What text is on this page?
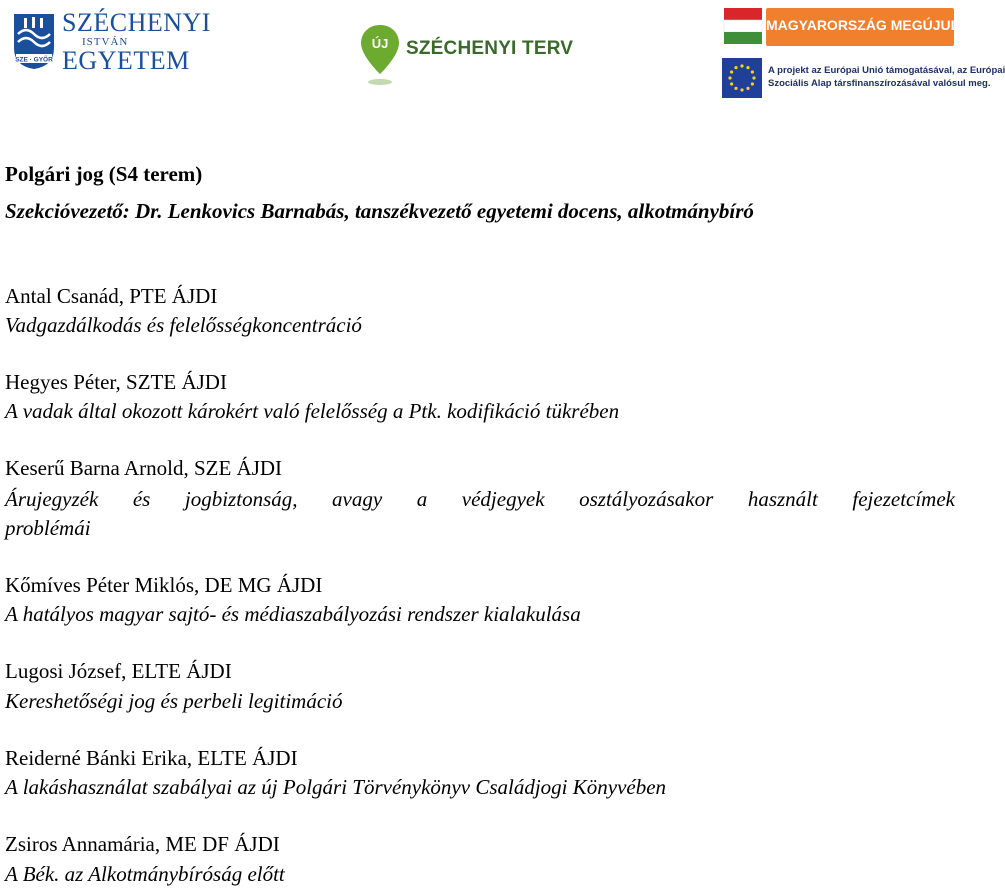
SZE · GYŐR
SZÉCHENYI
ISTVÁN
EGYETEM
ÚJ SZÉCHENYI TERV
MAGYARORSZÁG MEGÚJUL
A projekt az Európai Unió támogatásával, az Európai
Szociális Alap társfinanszírozásával valósul meg.
Polgári jog (S4 terem)
Szekcióvezető: Dr. Lenkovics Barnabás, tanszékvezető egyetemi docens, alkotmánybíró
Antal Csanád, PTE ÁJDI
Vadgazdálkodás és felelősségkoncentráció
Hegyes Péter, SZTE ÁJDI
A vadak által okozott károkért való felelősség a Ptk. kodifikáció tükrében
Keserű Barna Arnold, SZE ÁJDI
Árujegyzék és jogbiztonság, avagy a védjegyek osztályozásakor használt fejezetcímek
problémái
Kőmíves Péter Miklós, DE MG ÁJDI
A hatályos magyar sajtó- és médiaszabályozási rendszer kialakulása
Lugosi József, ELTE ÁJDI
Kereshetőségi jog és perbeli legitimáció
Reiderné Bánki Erika, ELTE ÁJDI
A lakáshasználat szabályai az új Polgári Törvénykönyv Családjogi Könyvében
Zsiros Annamária, ME DF ÁJDI
A Bék. az Alkotmánybíróság előtt
